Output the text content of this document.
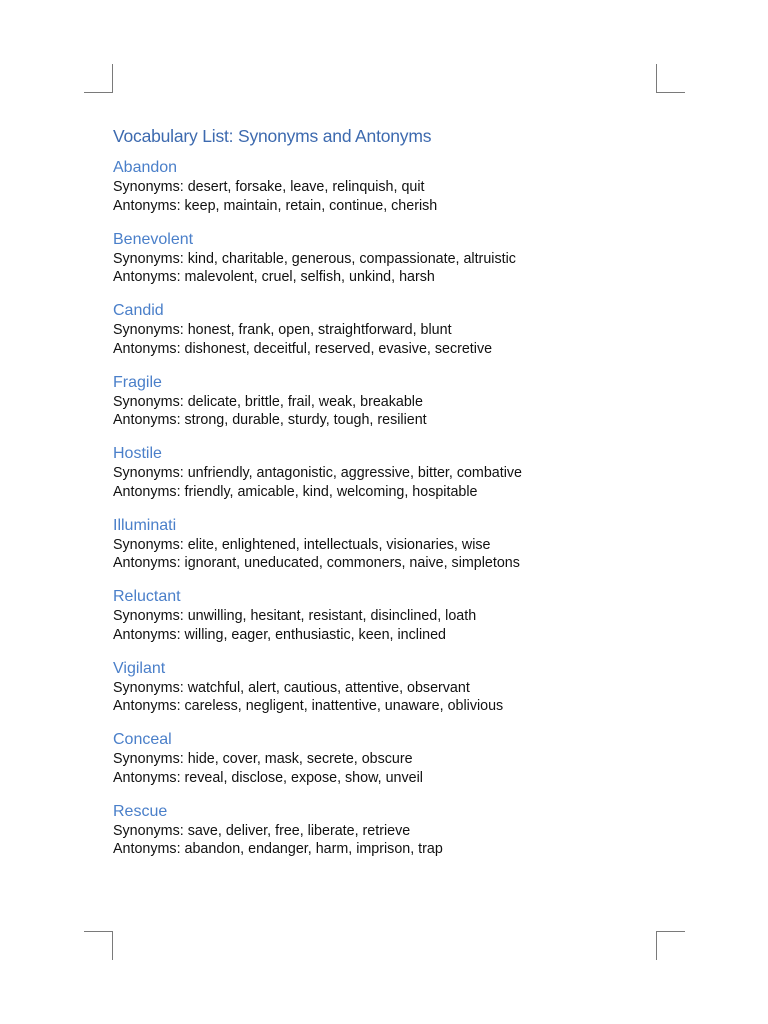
Vocabulary List: Synonyms and Antonyms
Abandon

Synonyms: desert, forsake, leave, relinquish, quit

Antonyms: keep, maintain, retain, continue, cherish

Benevolent

Synonyms: kind, charitable, generous, compassionate, altruistic

Antonyms: malevolent, cruel, selfish, unkind, harsh

Candid

Synonyms: honest, frank, open, straightforward, blunt

Antonyms: dishonest, deceitful, reserved, evasive, secretive

Fragile

Synonyms: delicate, brittle, frail, weak, breakable

Antonyms: strong, durable, sturdy, tough, resilient

Hostile

Synonyms: unfriendly, antagonistic, aggressive, bitter, combative

Antonyms: friendly, amicable, kind, welcoming, hospitable

Illuminati

Synonyms: elite, enlightened, intellectuals, visionaries, wise

Antonyms: ignorant, uneducated, commoners, naive, simpletons

Reluctant

Synonyms: unwilling, hesitant, resistant, disinclined, loath

Antonyms: willing, eager, enthusiastic, keen, inclined

Vigilant

Synonyms: watchful, alert, cautious, attentive, observant

Antonyms: careless, negligent, inattentive, unaware, oblivious

Conceal

Synonyms: hide, cover, mask, secrete, obscure

Antonyms: reveal, disclose, expose, show, unveil

Rescue

Synonyms: save, deliver, free, liberate, retrieve

Antonyms: abandon, endanger, harm, imprison, trap
